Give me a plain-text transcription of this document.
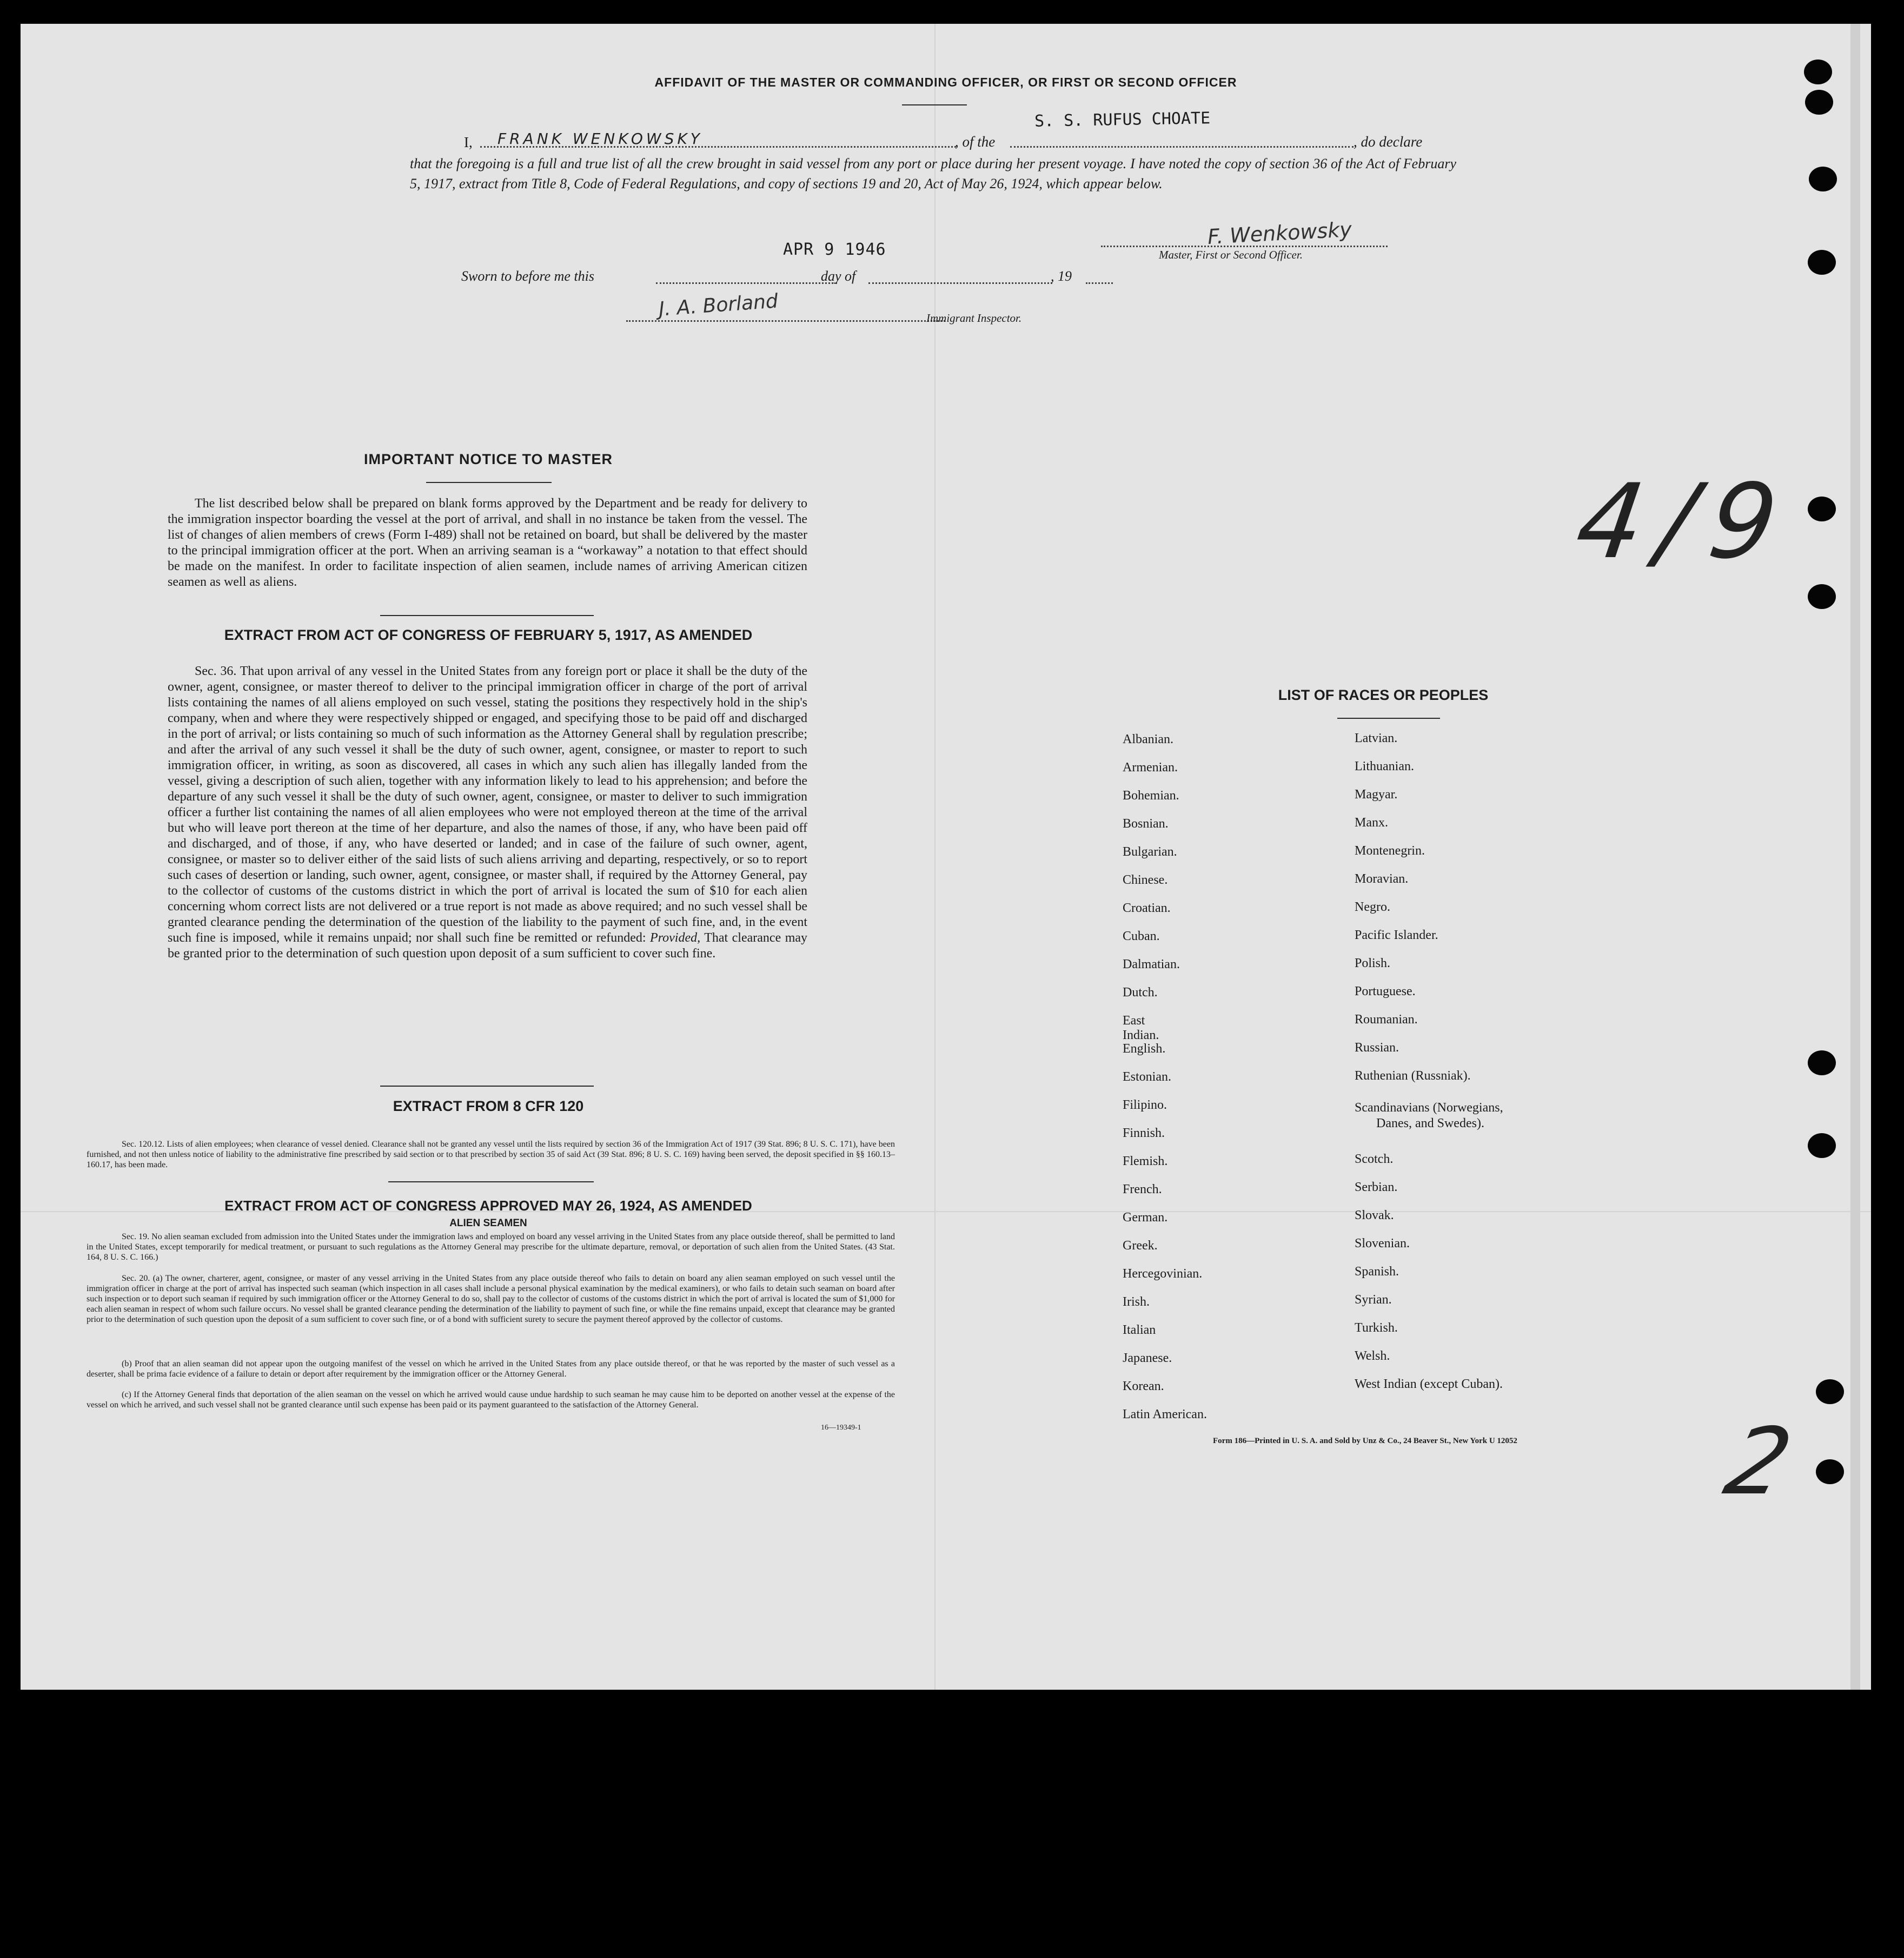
AFFIDAVIT OF THE MASTER OR COMMANDING OFFICER, OR FIRST OR SECOND OFFICER
I, FRANK WENKOWSKY	, of the
S. S. RUFUS CHOATE
, do declare
that the foregoing is a full and true list of all the crew brought in said vessel from any port or place during her present voyage. I have noted the copy of section 36 of the Act of February 5, 1917, extract from Title 8, Code of Federal Regulations, and copy of sections 19 and 20, Act of May 26, 1924, which appear below.
APR 9 1946
F. Wenkowsky
Master, First or Second Officer.
Sworn to before me this	day of	, 19
J. A. Borland	Immigrant Inspector.
IMPORTANT NOTICE TO MASTER
The list described below shall be prepared on blank forms approved by the Department and be ready for delivery to the immigration inspector boarding the vessel at the port of arrival, and shall in no instance be taken from the vessel. The list of changes of alien members of crews (Form I-489) shall not be retained on board, but shall be delivered by the master to the principal immigration officer at the port. When an arriving seaman is a “workaway” a notation to that effect should be made on the manifest. In order to facilitate inspection of alien seamen, include names of arriving American citizen seamen as well as aliens.
EXTRACT FROM ACT OF CONGRESS OF FEBRUARY 5, 1917, AS AMENDED
Sec. 36. That upon arrival of any vessel in the United States from any foreign port or place it shall be the duty of the owner, agent, consignee, or master thereof to deliver to the principal immigration officer in charge of the port of arrival lists containing the names of all aliens employed on such vessel, stating the positions they respectively hold in the ship's company, when and where they were respectively shipped or engaged, and specifying those to be paid off and discharged in the port of arrival; or lists containing so much of such information as the Attorney General shall by regulation prescribe; and after the arrival of any such vessel it shall be the duty of such owner, agent, consignee, or master to report to such immigration officer, in writing, as soon as discovered, all cases in which any such alien has illegally landed from the vessel, giving a description of such alien, together with any information likely to lead to his apprehension; and before the departure of any such vessel it shall be the duty of such owner, agent, consignee, or master to deliver to such immigration officer a further list containing the names of all alien employees who were not employed thereon at the time of the arrival but who will leave port thereon at the time of her departure, and also the names of those, if any, who have been paid off and discharged, and of those, if any, who have deserted or landed; and in case of the failure of such owner, agent, consignee, or master so to deliver either of the said lists of such aliens arriving and departing, respectively, or so to report such cases of desertion or landing, such owner, agent, consignee, or master shall, if required by the Attorney General, pay to the collector of customs of the customs district in which the port of arrival is located the sum of $10 for each alien concerning whom correct lists are not delivered or a true report is not made as above required; and no such vessel shall be granted clearance pending the determination of the question of the liability to the payment of such fine, and, in the event such fine is imposed, while it remains unpaid; nor shall such fine be remitted or refunded: Provided, That clearance may be granted prior to the determination of such question upon deposit of a sum sufficient to cover such fine.
EXTRACT FROM 8 CFR 120
Sec. 120.12. Lists of alien employees; when clearance of vessel denied. Clearance shall not be granted any vessel until the lists required by section 36 of the Immigration Act of 1917 (39 Stat. 896; 8 U. S. C. 171), have been furnished, and not then unless notice of liability to the administrative fine prescribed by said section or to that prescribed by section 35 of said Act (39 Stat. 896; 8 U. S. C. 169) having been served, the deposit specified in §§ 160.13–160.17, has been made.
EXTRACT FROM ACT OF CONGRESS APPROVED MAY 26, 1924, AS AMENDED
ALIEN SEAMEN
Sec. 19. No alien seaman excluded from admission into the United States under the immigration laws and employed on board any vessel arriving in the United States from any place outside thereof, shall be permitted to land in the United States, except temporarily for medical treatment, or pursuant to such regulations as the Attorney General may prescribe for the ultimate departure, removal, or deportation of such alien from the United States. (43 Stat. 164, 8 U. S. C. 166.)
Sec. 20. (a) The owner, charterer, agent, consignee, or master of any vessel arriving in the United States from any place outside thereof who fails to detain on board any alien seaman employed on such vessel until the immigration officer in charge at the port of arrival has inspected such seaman (which inspection in all cases shall include a personal physical examination by the medical examiners), or who fails to detain such seaman on board after such inspection or to deport such seaman if required by such immigration officer or the Attorney General to do so, shall pay to the collector of customs of the customs district in which the port of arrival is located the sum of $1,000 for each alien seaman in respect of whom such failure occurs. No vessel shall be granted clearance pending the determination of the liability to payment of such fine, or while the fine remains unpaid, except that clearance may be granted prior to the determination of such question upon the deposit of a sum sufficient to cover such fine, or of a bond with sufficient surety to secure the payment thereof approved by the collector of customs.
(b) Proof that an alien seaman did not appear upon the outgoing manifest of the vessel on which he arrived in the United States from any place outside thereof, or that he was reported by the master of such vessel as a deserter, shall be prima facie evidence of a failure to detain or deport after requirement by the immigration officer or the Attorney General.
(c) If the Attorney General finds that deportation of the alien seaman on the vessel on which he arrived would cause undue hardship to such seaman he may cause him to be deported on another vessel at the expense of the vessel on which he arrived, and such vessel shall not be granted clearance until such expense has been paid or its payment guaranteed to the satisfaction of the Attorney General.
16—19349-1
LIST OF RACES OR PEOPLES
Albanian.
Armenian.
Bohemian.
Bosnian.
Bulgarian.
Chinese.
Croatian.
Cuban.
Dalmatian.
Dutch.
East Indian.
English.
Estonian.
Filipino.
Finnish.
Flemish.
French.
German.
Greek.
Hercegovinian.
Irish.
Italian
Japanese.
Korean.
Latin American.
Latvian.
Lithuanian.
Magyar.
Manx.
Montenegrin.
Moravian.
Negro.
Pacific Islander.
Polish.
Portuguese.
Roumanian.
Russian.
Ruthenian (Russniak).
Scandinavians (Norwegians,
Danes, and Swedes).
Scotch.
Serbian.
Slovak.
Slovenian.
Spanish.
Syrian.
Turkish.
Welsh.
West Indian (except Cuban).
Form 186—Printed in U. S. A. and Sold by Unz & Co., 24 Beaver St., New York U 12052
4/9
2
